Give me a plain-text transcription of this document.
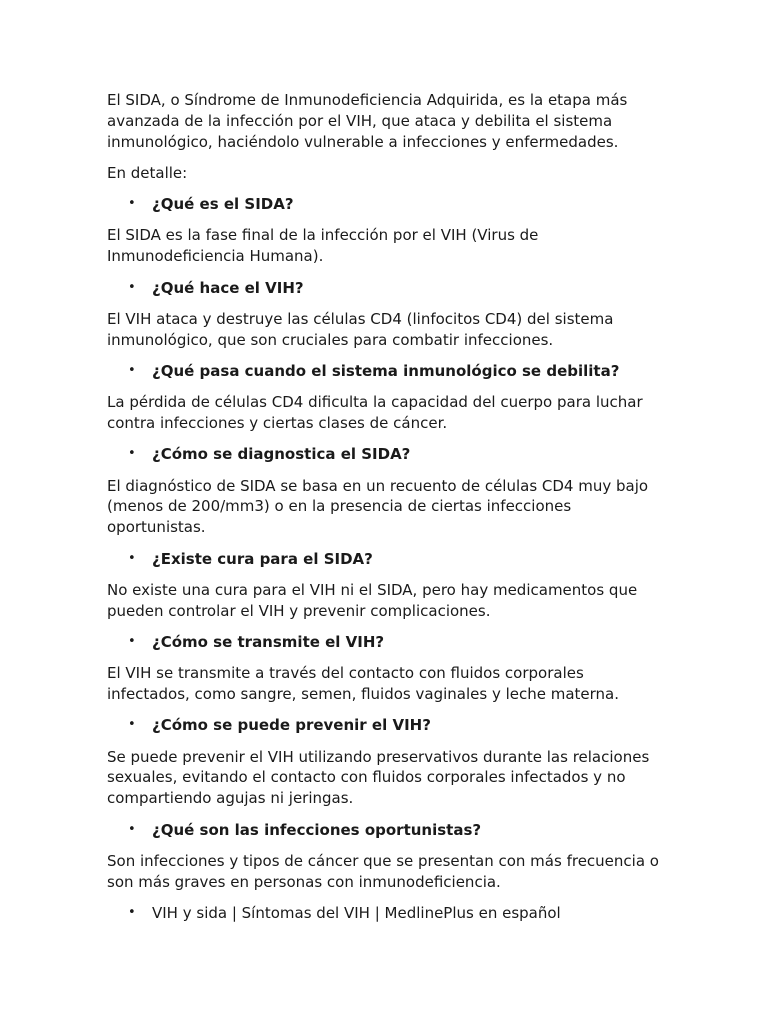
El SIDA, o Síndrome de Inmunodeficiencia Adquirida, es la etapa más avanzada de la infección por el VIH, que ataca y debilita el sistema inmunológico, haciéndolo vulnerable a infecciones y enfermedades.

En detalle:

• ¿Qué es el SIDA?

El SIDA es la fase final de la infección por el VIH (Virus de Inmunodeficiencia Humana).

• ¿Qué hace el VIH?

El VIH ataca y destruye las células CD4 (linfocitos CD4) del sistema inmunológico, que son cruciales para combatir infecciones.

• ¿Qué pasa cuando el sistema inmunológico se debilita?

La pérdida de células CD4 dificulta la capacidad del cuerpo para luchar contra infecciones y ciertas clases de cáncer.

• ¿Cómo se diagnostica el SIDA?

El diagnóstico de SIDA se basa en un recuento de células CD4 muy bajo (menos de 200/mm3) o en la presencia de ciertas infecciones oportunistas.

• ¿Existe cura para el SIDA?

No existe una cura para el VIH ni el SIDA, pero hay medicamentos que pueden controlar el VIH y prevenir complicaciones.

• ¿Cómo se transmite el VIH?

El VIH se transmite a través del contacto con fluidos corporales infectados, como sangre, semen, fluidos vaginales y leche materna.

• ¿Cómo se puede prevenir el VIH?

Se puede prevenir el VIH utilizando preservativos durante las relaciones sexuales, evitando el contacto con fluidos corporales infectados y no compartiendo agujas ni jeringas.

• ¿Qué son las infecciones oportunistas?

Son infecciones y tipos de cáncer que se presentan con más frecuencia o son más graves en personas con inmunodeficiencia.

• VIH y sida | Síntomas del VIH | MedlinePlus en español
